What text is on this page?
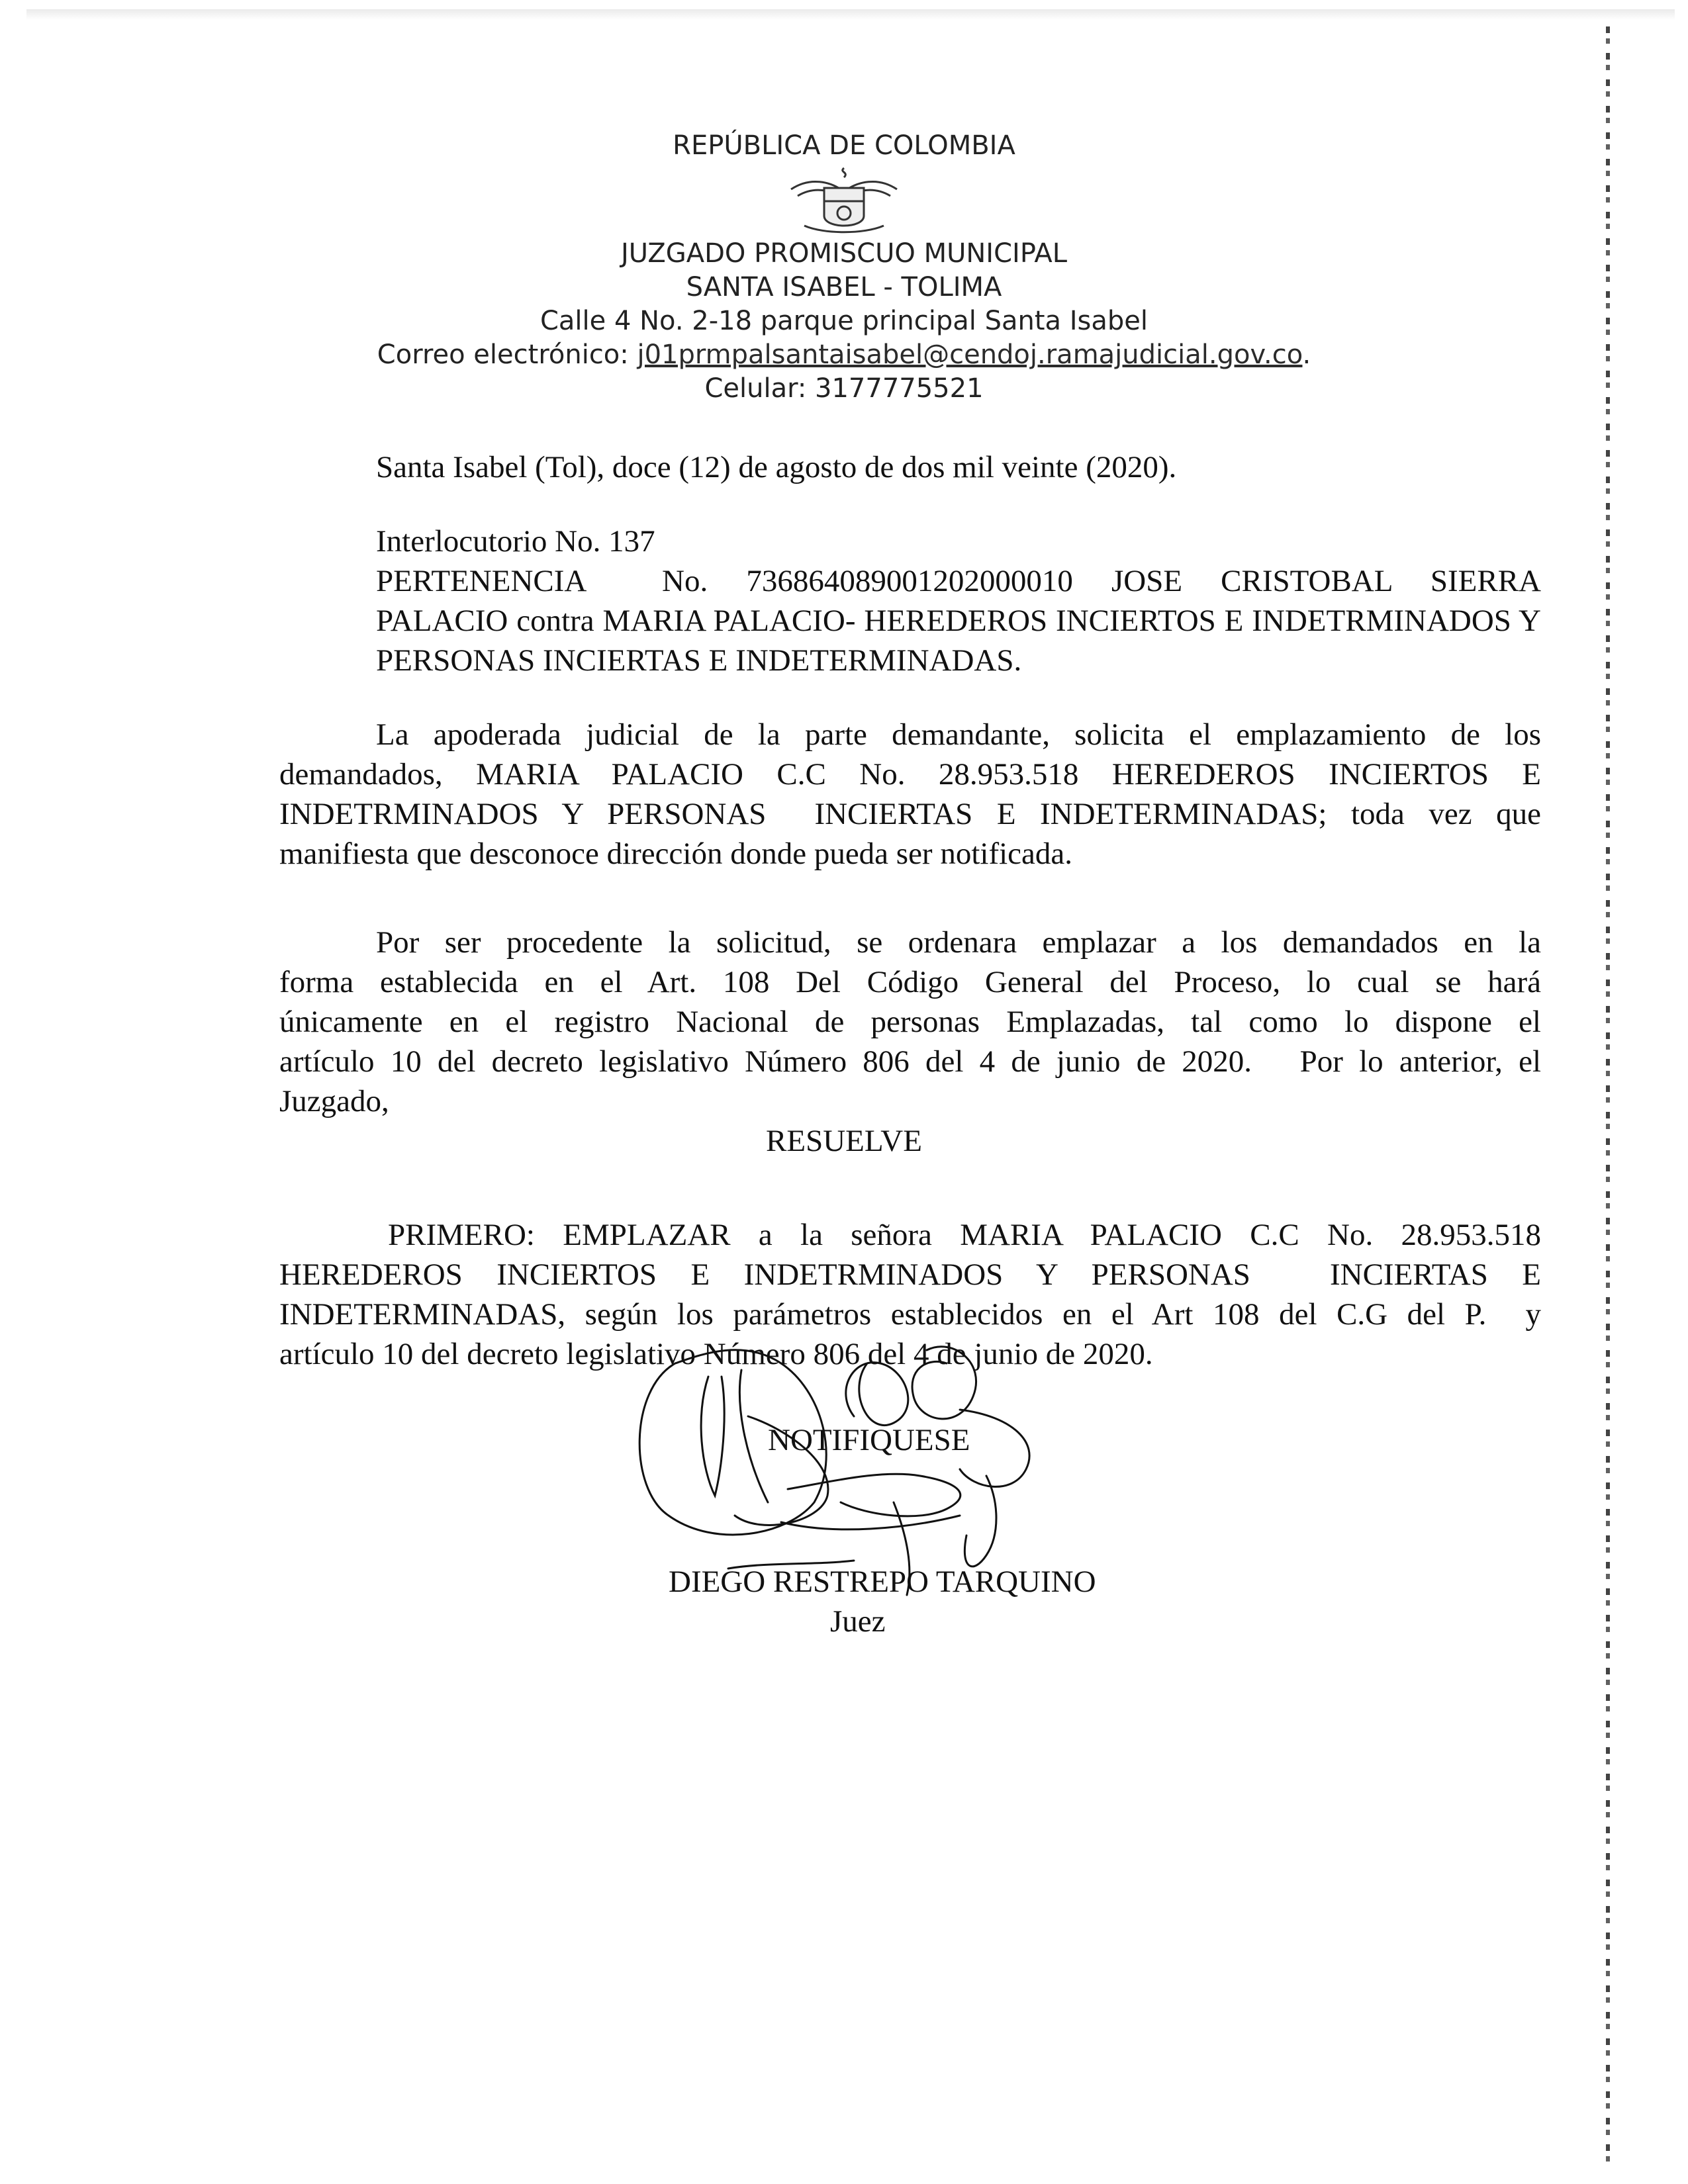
REPÚBLICA DE COLOMBIA
JUZGADO PROMISCUO MUNICIPAL
SANTA ISABEL - TOLIMA
Calle 4 No. 2-18 parque principal Santa Isabel
Correo electrónico: j01prmpalsantaisabel@cendoj.ramajudicial.gov.co.
Celular: 3177775521
Santa Isabel (Tol), doce (12) de agosto de dos mil veinte (2020).
Interlocutorio No. 137
PERTENENCIA    No.  73686408900120200001​0  JOSE  CRISTOBAL  SIERRA
PALACIO contra MARIA PALACIO- HEREDEROS INCIERTOS E INDETRMINADOS Y
PERSONAS INCIERTAS E INDETERMINADAS.
La apoderada judicial de la parte demandante, solicita el emplazamiento de los
demandados,  MARIA  PALACIO  C.C  No.  28.953.518  HEREDEROS  INCIERTOS  E
INDETRMINADOS  Y  PERSONAS    INCIERTAS  E  INDETERMINADAS;  toda  vez  que
manifiesta que desconoce dirección donde pueda ser notificada.
Por ser procedente la solicitud, se ordenara emplazar a los demandados en la
forma  establecida  en  el  Art.  108  Del  Código  General  del  Proceso,  lo  cual  se  hará
únicamente en el registro Nacional de personas Emplazadas, tal como lo dispone el
artículo 10 del decreto legislativo Número 806 del 4 de junio de 2020.   Por lo anterior, el
Juzgado,
RESUELVE
PRIMERO:  EMPLAZAR  a  la  señora  MARIA  PALACIO  C.C  No.  28.953.518
HEREDEROS   INCIERTOS   E   INDETRMINADOS   Y   PERSONAS       INCIERTAS   E
INDETERMINADAS, según los parámetros establecidos en el Art 108 del C.G del P.  y
artículo 10 del decreto legislativo Número 806 del 4 de junio de 2020.
NOTIFIQUESE
DIEGO RESTREPO TARQUINO
Juez
